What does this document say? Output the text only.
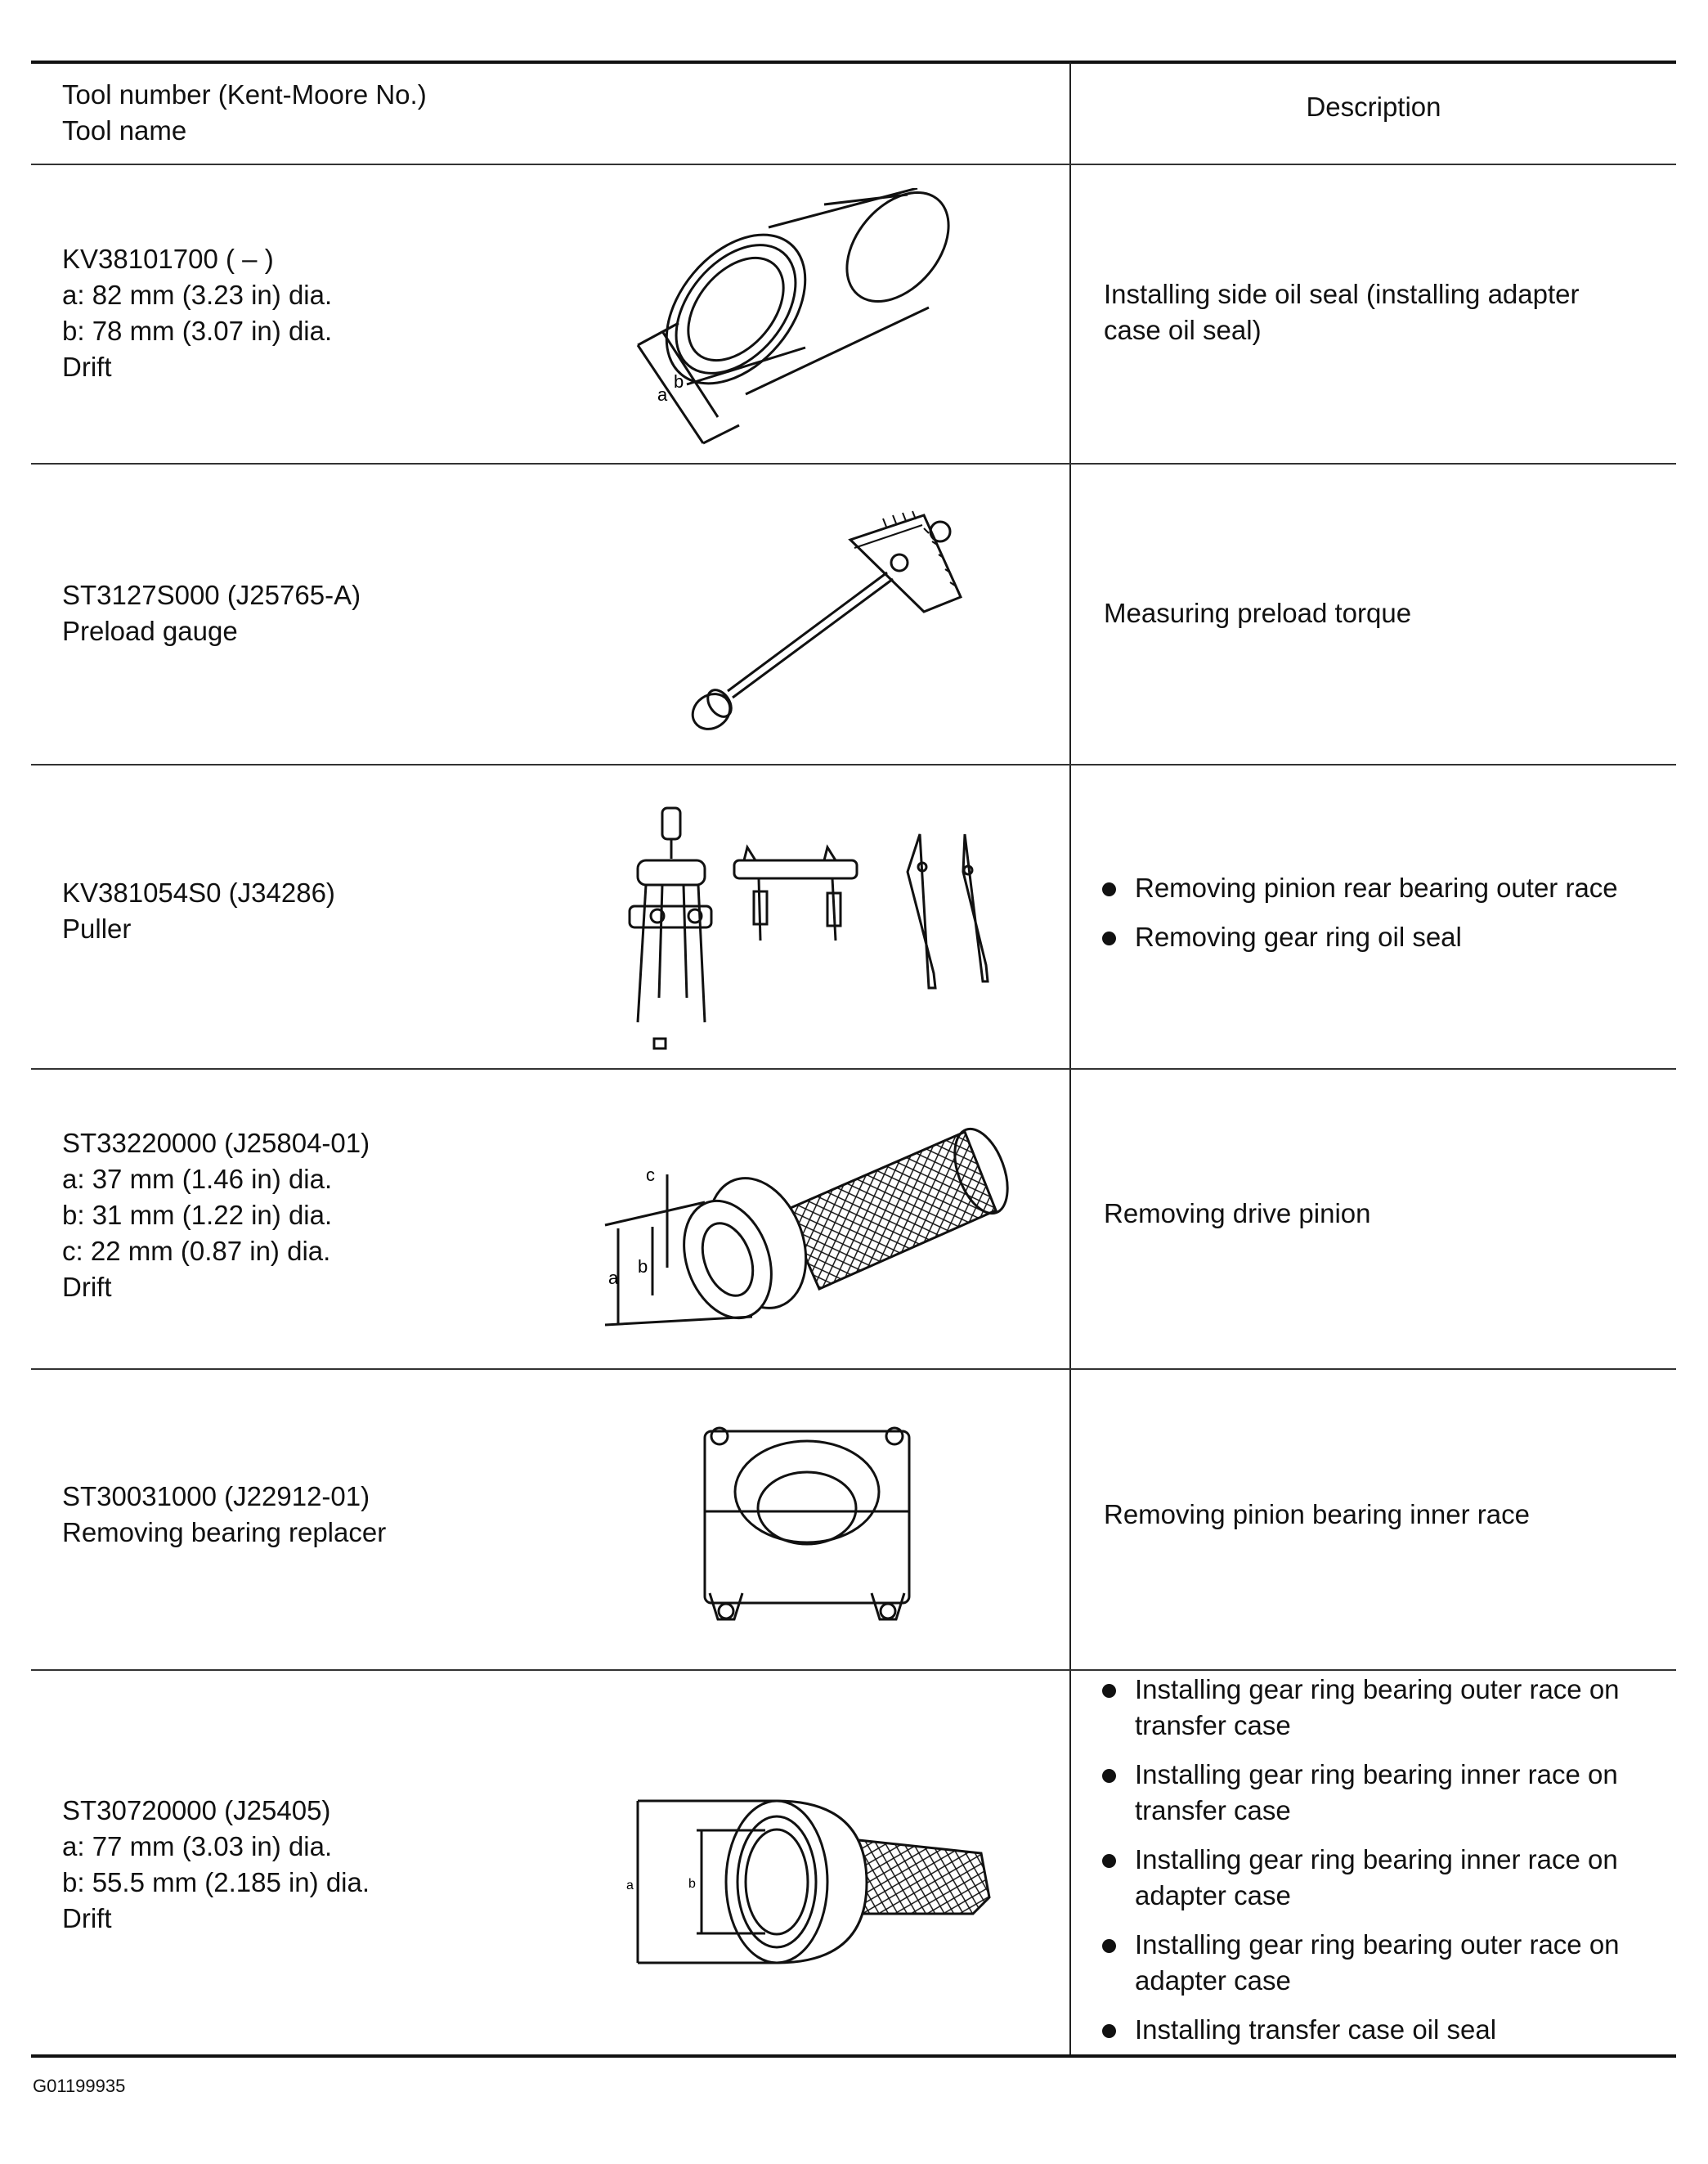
Tool number (Kent-Moore No.)
Tool name
Description
KV38101700 ( – )
a: 82 mm (3.23 in) dia.
b: 78 mm (3.07 in) dia.
Drift
a
b
Installing side oil seal (installing adapter
case oil seal)
ST3127S000 (J25765-A)
Preload gauge
Measuring preload torque
KV381054S0 (J34286)
Puller
Removing pinion rear bearing outer race
Removing gear ring oil seal
ST33220000 (J25804-01)
a: 37 mm (1.46 in) dia.
b: 31 mm (1.22 in) dia.
c: 22 mm (0.87 in) dia.
Drift	a
b
c
Removing drive pinion
ST30031000 (J22912-01)
Removing bearing replacer
Removing pinion bearing inner race
ST30720000 (J25405)
a: 77 mm (3.03 in) dia.
b: 55.5 mm (2.185 in) dia.
Drift
a	b
Installing gear ring bearing outer race on
transfer case
Installing gear ring bearing inner race on
transfer case
Installing gear ring bearing inner race on
adapter case
Installing gear ring bearing outer race on
adapter case
Installing transfer case oil seal
G01199935
